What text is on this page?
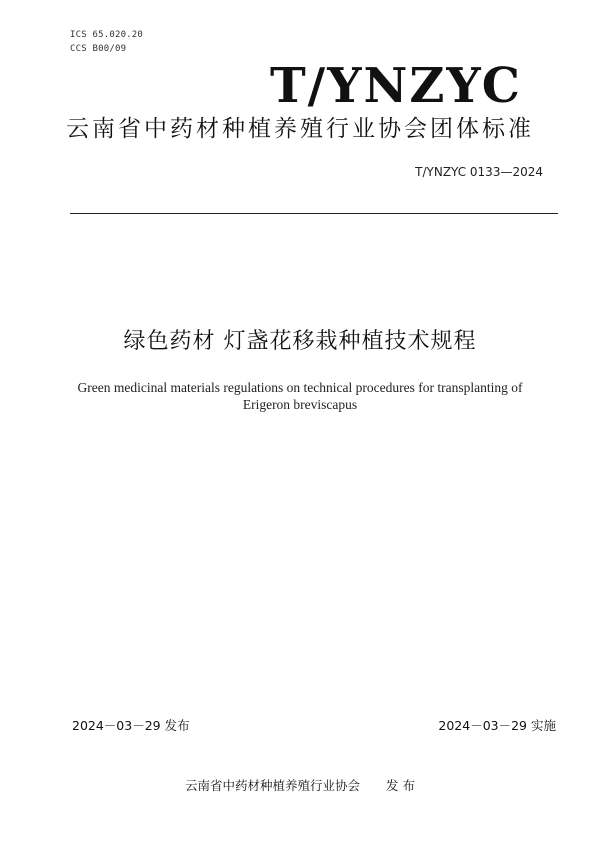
ICS 65.020.20
CCS B00/09
T/YNZYC
云南省中药材种植养殖行业协会团体标准
T/YNZYC 0133—2024
绿色药材 灯盏花移栽种植技术规程
Green medicinal materials regulations on technical procedures for transplanting of
Erigeron breviscapus
2024－03－29 发布	2024－03－29 实施
云南省中药材种植养殖行业协会 发 布
